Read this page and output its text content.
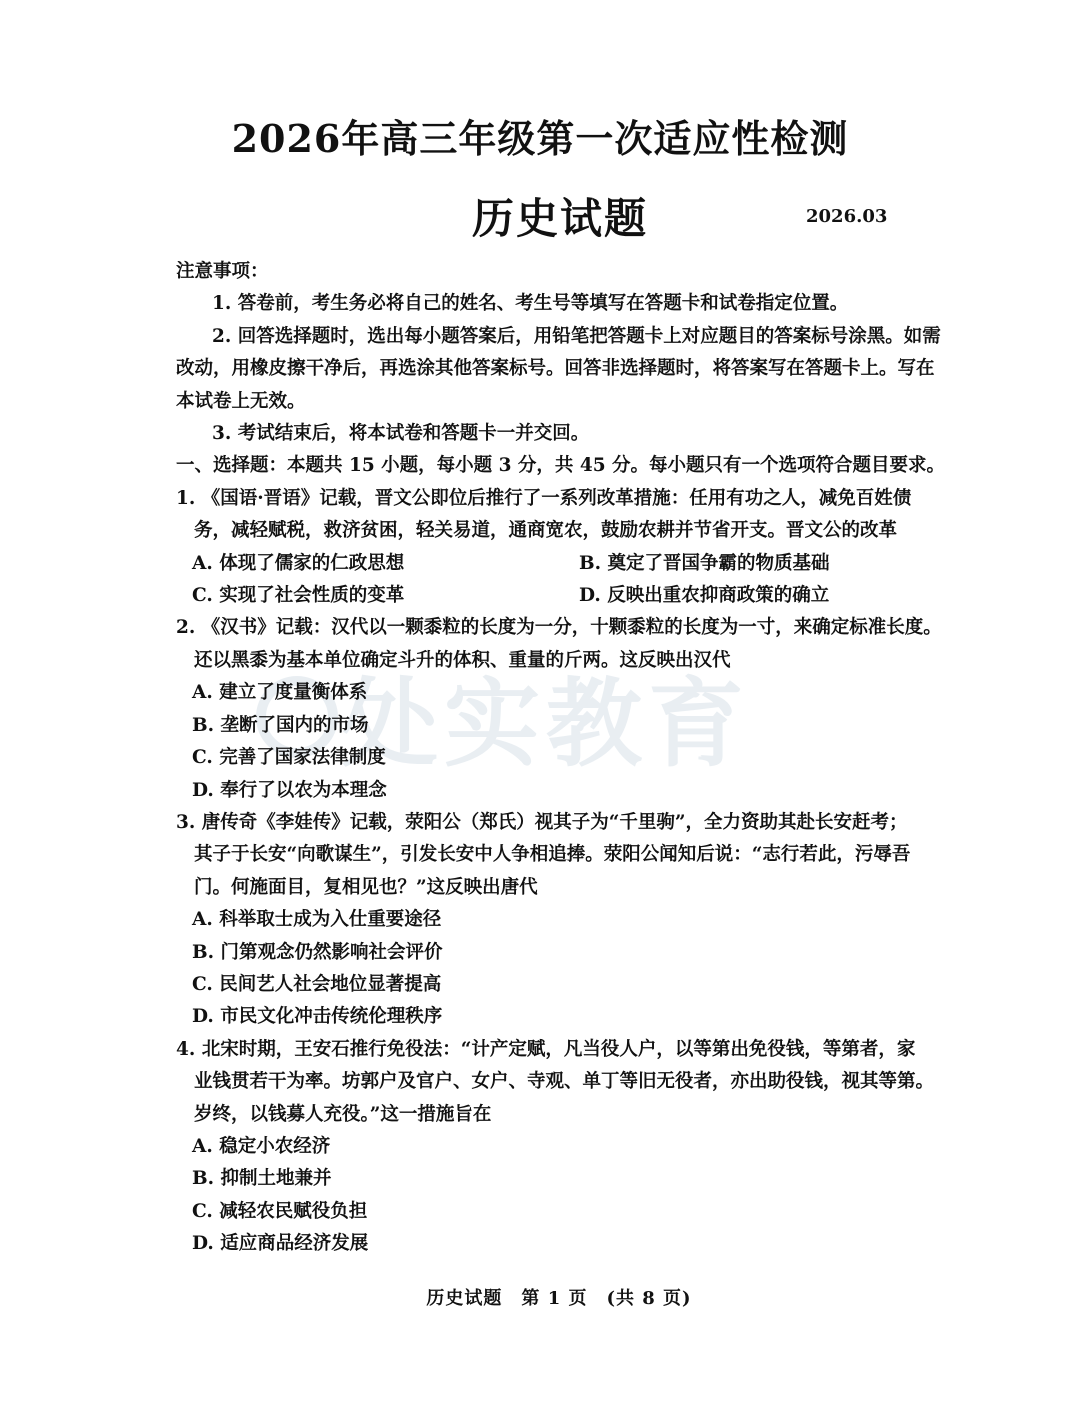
2026年高三年级第一次适应性检测
历史试题	2026.03
处实教育
注意事项：
1. 答卷前，考生务必将自己的姓名、考生号等填写在答题卡和试卷指定位置。
2. 回答选择题时，选出每小题答案后，用铅笔把答题卡上对应题目的答案标号涂黑。如需
改动，用橡皮擦干净后，再选涂其他答案标号。回答非选择题时，将答案写在答题卡上。写在
本试卷上无效。
3. 考试结束后，将本试卷和答题卡一并交回。
一、选择题：本题共 15 小题，每小题 3 分，共 45 分。每小题只有一个选项符合题目要求。
1. 《国语·晋语》记载，晋文公即位后推行了一系列改革措施：任用有功之人，减免百姓债
务，减轻赋税，救济贫困，轻关易道，通商宽农，鼓励农耕并节省开支。晋文公的改革
A. 体现了儒家的仁政思想	B. 奠定了晋国争霸的物质基础
C. 实现了社会性质的变革	D. 反映出重农抑商政策的确立
2. 《汉书》记载：汉代以一颗黍粒的长度为一分，十颗黍粒的长度为一寸，来确定标准长度。
还以黑黍为基本单位确定斗升的体积、重量的斤两。这反映出汉代
A. 建立了度量衡体系
B. 垄断了国内的市场
C. 完善了国家法律制度
D. 奉行了以农为本理念
3. 唐传奇《李娃传》记载，荥阳公（郑氏）视其子为“千里驹”，全力资助其赴长安赶考；
其子于长安“向歌谋生”，引发长安中人争相追捧。荥阳公闻知后说：“志行若此，污辱吾
门。何施面目，复相见也？”这反映出唐代
A. 科举取士成为入仕重要途径
B. 门第观念仍然影响社会评价
C. 民间艺人社会地位显著提高
D. 市民文化冲击传统伦理秩序
4. 北宋时期，王安石推行免役法：“计产定赋，凡当役人户，以等第出免役钱，等第者，家
业钱贯若干为率。坊郭户及官户、女户、寺观、单丁等旧无役者，亦出助役钱，视其等第。
岁终，以钱募人充役。”这一措施旨在
A. 稳定小农经济
B. 抑制土地兼并
C. 减轻农民赋役负担
D. 适应商品经济发展
历史试题　第 1 页　(共 8 页)
